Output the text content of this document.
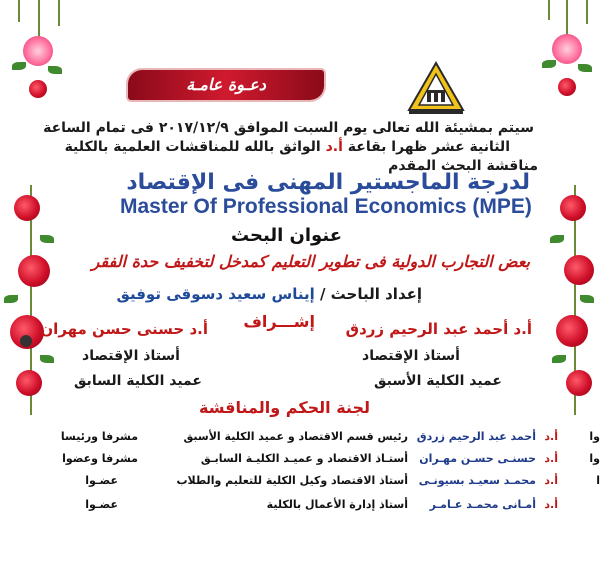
دعـوة عامـة
سيتم بمشيئة الله تعالى يوم السبت الموافق ٢٠١٧/١٢/٩ فى تمام الساعة
الثانية عشر ظهرا بقاعة أ.د الواثق بالله للمناقشات العلمية بالكلية
مناقشة البحث المقدم
لدرجة الماجستير المهنى فى الإقتصاد
Master Of Professional Economics (MPE)
عنوان البحث
بعض التجارب الدولية فى تطوير التعليم كمدخل لتخفيف حدة الفقر
إعداد الباحث / إيناس سعيد دسوقى توفيق
إشـــراف أ.د أحمد عبد الرحيم زردق
أستاذ الإقتصاد
عميد الكلية الأسبق
أ.د حسنى حسن مهران
أستاذ الإقتصاد
عميد الكلية السابق
لجنة الحكم والمناقشة
أ.د
أحمد عبد الرحيم زردق
رئيس قسم الاقتصاد و عميد الكلية الأسبق
مشرفا ورئيسا
أ.د
حسنـى حسـن مهـران
أستـاذ الاقتصاد و عميـد الكليـة السابـق
مشرفا وعضوا
أ.د
محمـد سعيـد بسيونـى
أستاذ الاقتصاد وكيل الكلية للتعليم والطلاب
عضـوا
أ.د
أمـانى محمـد عـامـر
أستاذ إدارة الأعمال بالكلية
عضـوا
وا
وا
ا
